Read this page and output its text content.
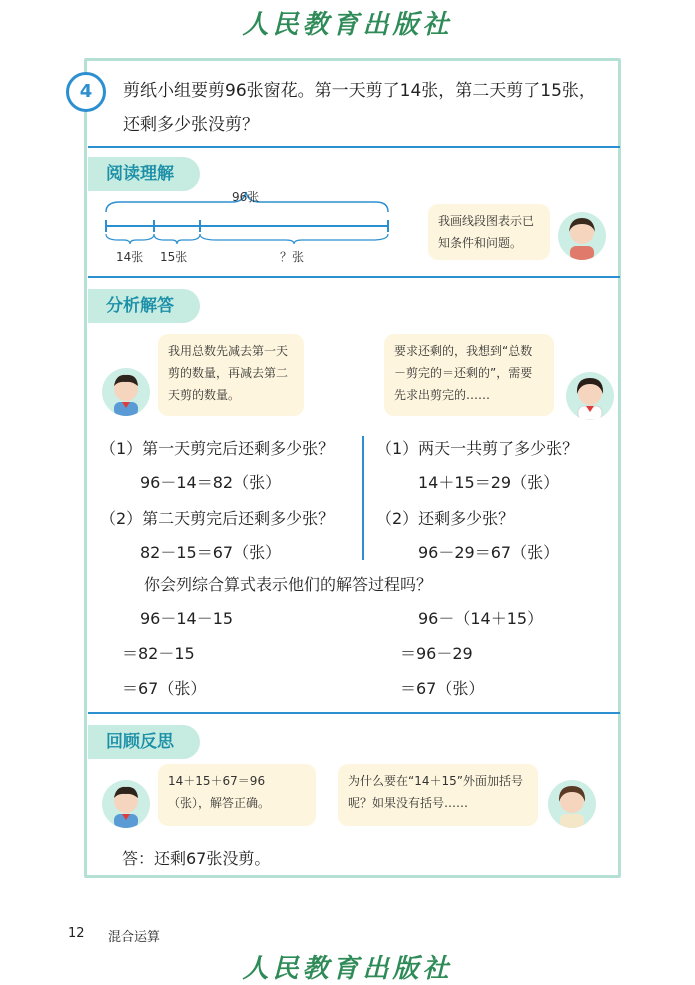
人民教育出版社
4	剪纸小组要剪96张窗花。第一天剪了14张，第二天剪了15张，还剩多少张没剪？
阅读理解
96张
14张 15张	？张
我画线段图表示已知条件和问题。
分析解答
我用总数先减去第一天剪的数量，再减去第二天剪的数量。
要求还剩的，我想到“总数－剪完的＝还剩的”，需要先求出剪完的……
（1）第一天剪完后还剩多少张？
96－14＝82（张）
（2）第二天剪完后还剩多少张？
82－15＝67（张）
（1）两天一共剪了多少张？
14＋15＝29（张）
（2）还剩多少张？
96－29＝67（张）
你会列综合算式表示他们的解答过程吗？
96－14－15
＝82－15
＝67（张）
96－（14＋15）
＝96－29
＝67（张）
回顾反思
14＋15＋67＝96（张），解答正确。
为什么要在“14＋15”外面加括号呢？如果没有括号……
答：还剩67张没剪。
12 混合运算
人民教育出版社
